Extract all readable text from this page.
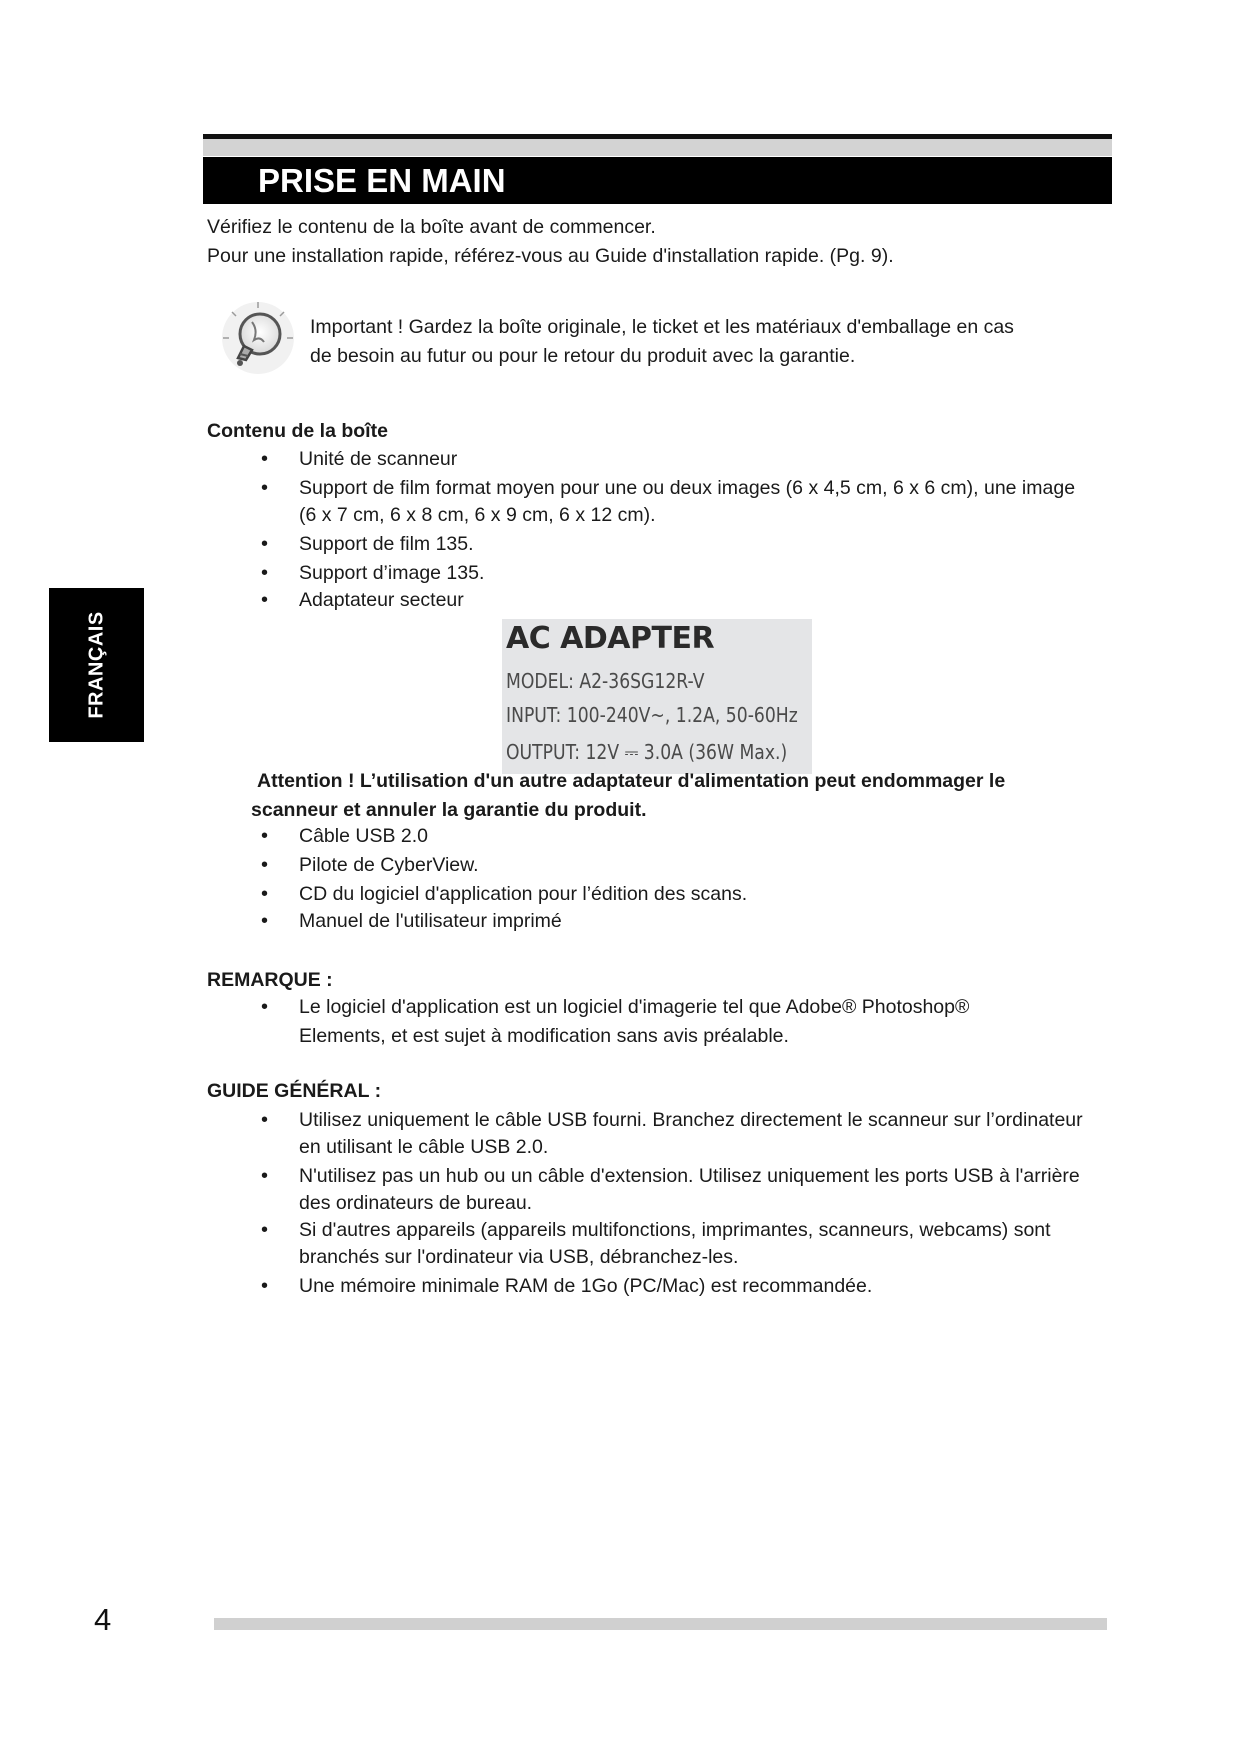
PRISE EN MAIN
FRANÇAIS
Vérifiez le contenu de la boîte avant de commencer.
Pour une installation rapide, référez-vous au Guide d'installation rapide. (Pg. 9).
Important ! Gardez la boîte originale, le ticket et les matériaux d'emballage en cas
de besoin au futur ou pour le retour du produit avec la garantie.
Contenu de la boîte
• Unité de scanneur
• Support de film format moyen pour une ou deux images (6 x 4,5 cm, 6 x 6 cm), une image (6 x 7 cm, 6 x 8 cm, 6 x 9 cm, 6 x 12 cm).
• Support de film 135.
• Support d’image 135.
• Adaptateur secteur
AC ADAPTER
MODEL: A2-36SG12R-V
INPUT: 100-240V~, 1.2A, 50-60Hz
OUTPUT: 12V ⎓ 3.0A (36W Max.)
Attention ! L’utilisation d'un autre adaptateur d'alimentation peut endommager le
scanneur et annuler la garantie du produit.
• Câble USB 2.0
• Pilote de CyberView.
• CD du logiciel d'application pour l’édition des scans.
• Manuel de l'utilisateur imprimé
REMARQUE :
• Le logiciel d'application est un logiciel d'imagerie tel que Adobe® Photoshop® Elements, et est sujet à modification sans avis préalable.
GUIDE GÉNÉRAL :
• Utilisez uniquement le câble USB fourni. Branchez directement le scanneur sur l’ordinateur en utilisant le câble USB 2.0.
• N'utilisez pas un hub ou un câble d'extension. Utilisez uniquement les ports USB à l'arrière des ordinateurs de bureau.
• Si d'autres appareils (appareils multifonctions, imprimantes, scanneurs, webcams) sont branchés sur l'ordinateur via USB, débranchez-les.
• Une mémoire minimale RAM de 1Go (PC/Mac) est recommandée.
4
